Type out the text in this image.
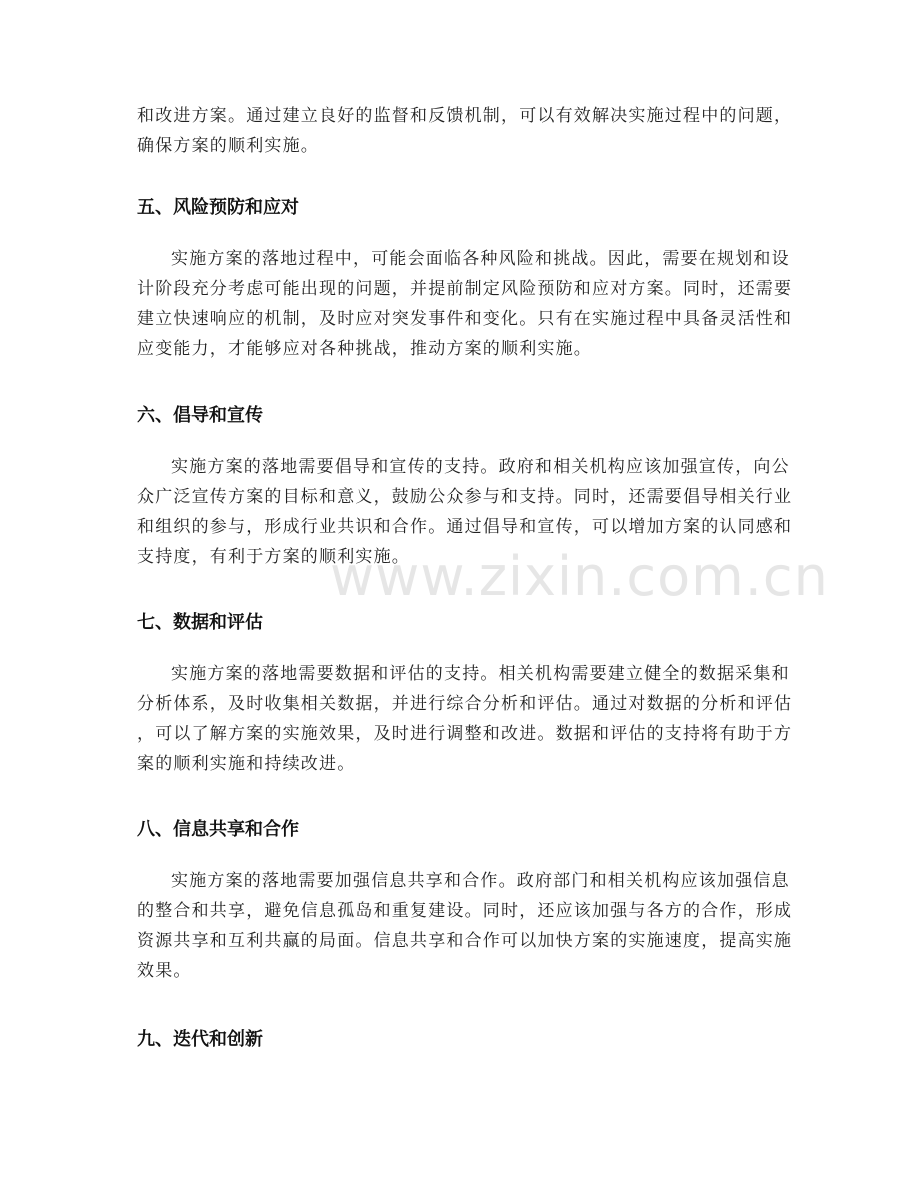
www.zixin.com.cn

和改进方案。通过建立良好的监督和反馈机制，可以有效解决实施过程中的问题，
确保方案的顺利实施。

五、风险预防和应对

实施方案的落地过程中，可能会面临各种风险和挑战。因此，需要在规划和设
计阶段充分考虑可能出现的问题，并提前制定风险预防和应对方案。同时，还需要
建立快速响应的机制，及时应对突发事件和变化。只有在实施过程中具备灵活性和
应变能力，才能够应对各种挑战，推动方案的顺利实施。

六、倡导和宣传

实施方案的落地需要倡导和宣传的支持。政府和相关机构应该加强宣传，向公
众广泛宣传方案的目标和意义，鼓励公众参与和支持。同时，还需要倡导相关行业
和组织的参与，形成行业共识和合作。通过倡导和宣传，可以增加方案的认同感和
支持度，有利于方案的顺利实施。

七、数据和评估

实施方案的落地需要数据和评估的支持。相关机构需要建立健全的数据采集和
分析体系，及时收集相关数据，并进行综合分析和评估。通过对数据的分析和评估
，可以了解方案的实施效果，及时进行调整和改进。数据和评估的支持将有助于方
案的顺利实施和持续改进。

八、信息共享和合作

实施方案的落地需要加强信息共享和合作。政府部门和相关机构应该加强信息
的整合和共享，避免信息孤岛和重复建设。同时，还应该加强与各方的合作，形成
资源共享和互利共赢的局面。信息共享和合作可以加快方案的实施速度，提高实施
效果。

九、迭代和创新
